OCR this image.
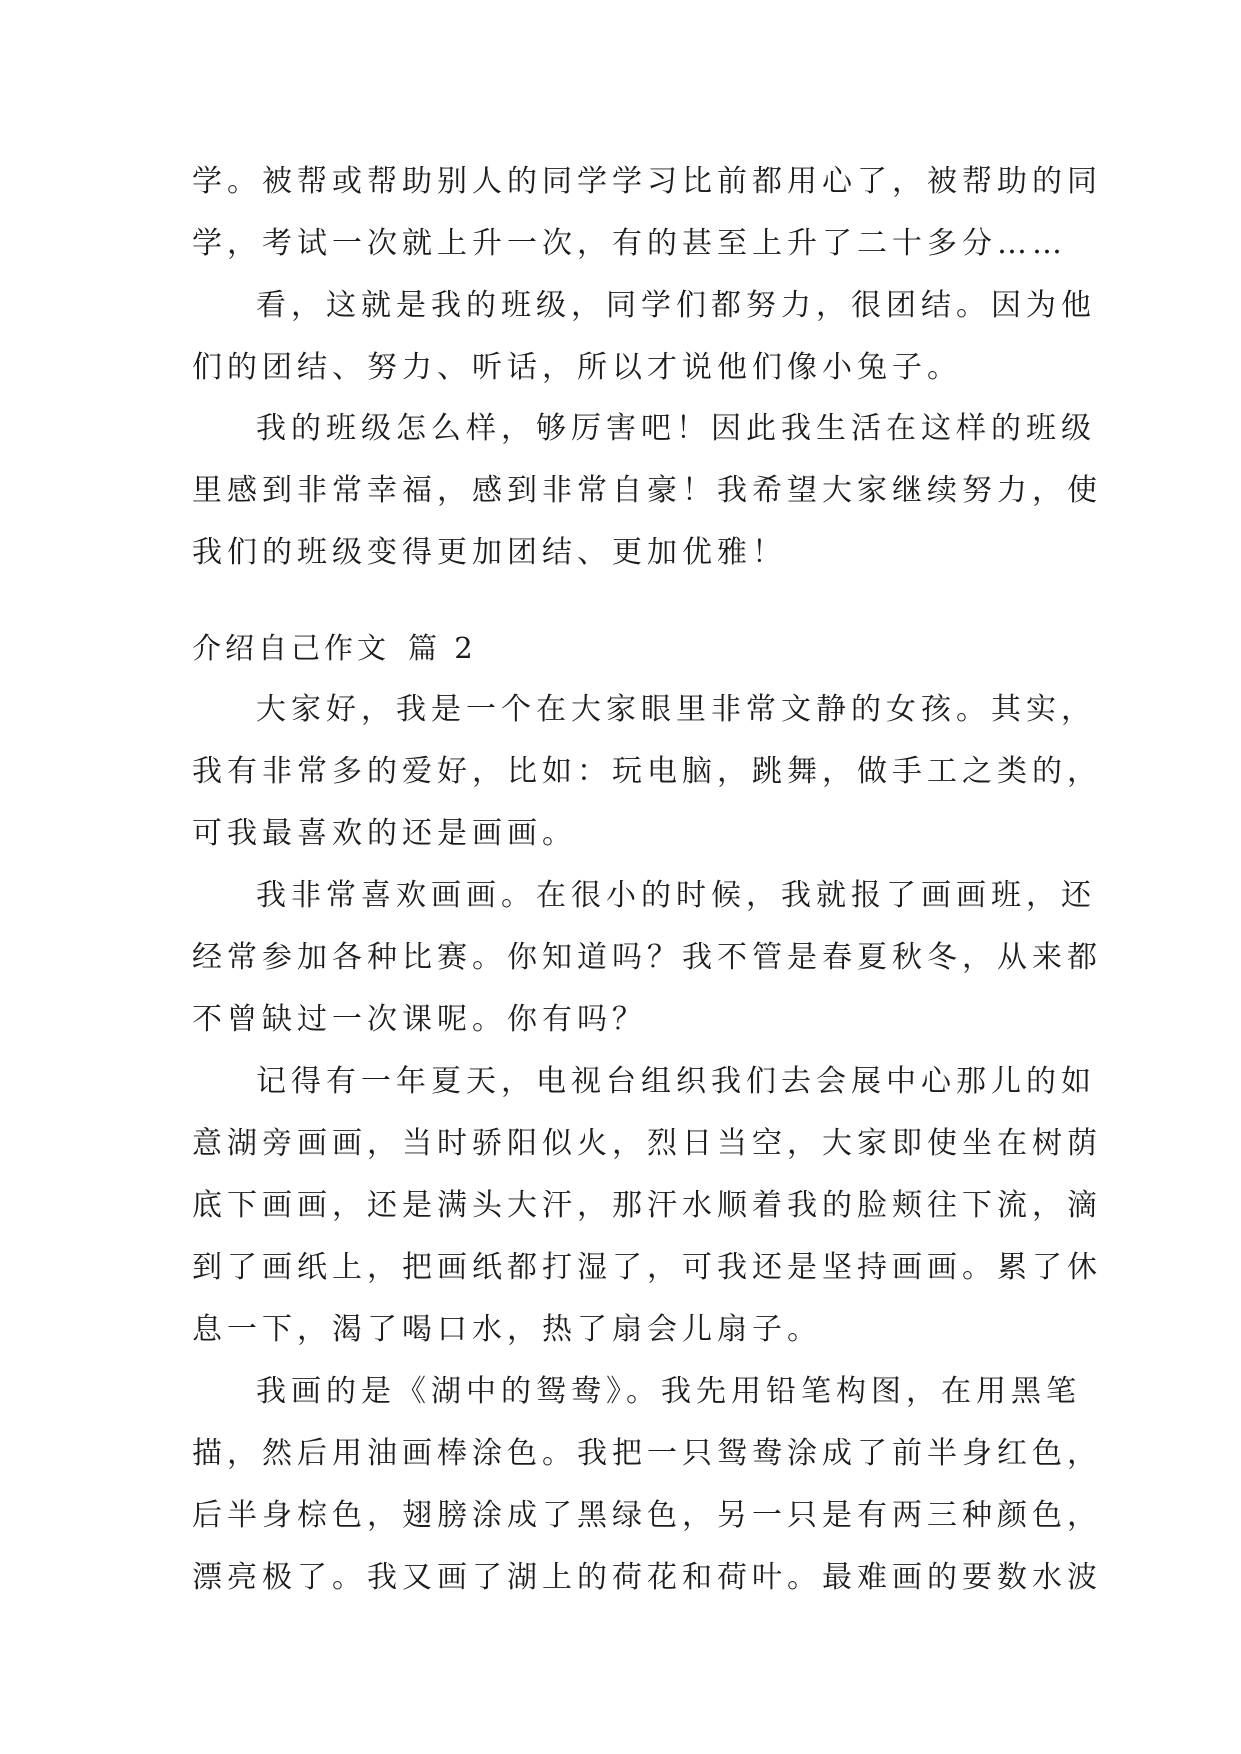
学。被帮或帮助别人的同学学习比前都用心了，被帮助的同
学，考试一次就上升一次，有的甚至上升了二十多分……
看，这就是我的班级，同学们都努力，很团结。因为他
们的团结、努力、听话，所以才说他们像小兔子。
我的班级怎么样，够厉害吧！因此我生活在这样的班级
里感到非常幸福，感到非常自豪！我希望大家继续努力，使
我们的班级变得更加团结、更加优雅！
介绍自己作文 篇 2
大家好，我是一个在大家眼里非常文静的女孩。其实，
我有非常多的爱好，比如：玩电脑，跳舞，做手工之类的，
可我最喜欢的还是画画。
我非常喜欢画画。在很小的时候，我就报了画画班，还
经常参加各种比赛。你知道吗？我不管是春夏秋冬，从来都
不曾缺过一次课呢。你有吗？
记得有一年夏天，电视台组织我们去会展中心那儿的如
意湖旁画画，当时骄阳似火，烈日当空，大家即使坐在树荫
底下画画，还是满头大汗，那汗水顺着我的脸颊往下流，滴
到了画纸上，把画纸都打湿了，可我还是坚持画画。累了休
息一下，渴了喝口水，热了扇会儿扇子。
我画的是《湖中的鸳鸯》。我先用铅笔构图，在用黑笔
描，然后用油画棒涂色。我把一只鸳鸯涂成了前半身红色，
后半身棕色，翅膀涂成了黑绿色，另一只是有两三种颜色，
漂亮极了。我又画了湖上的荷花和荷叶。最难画的要数水波
